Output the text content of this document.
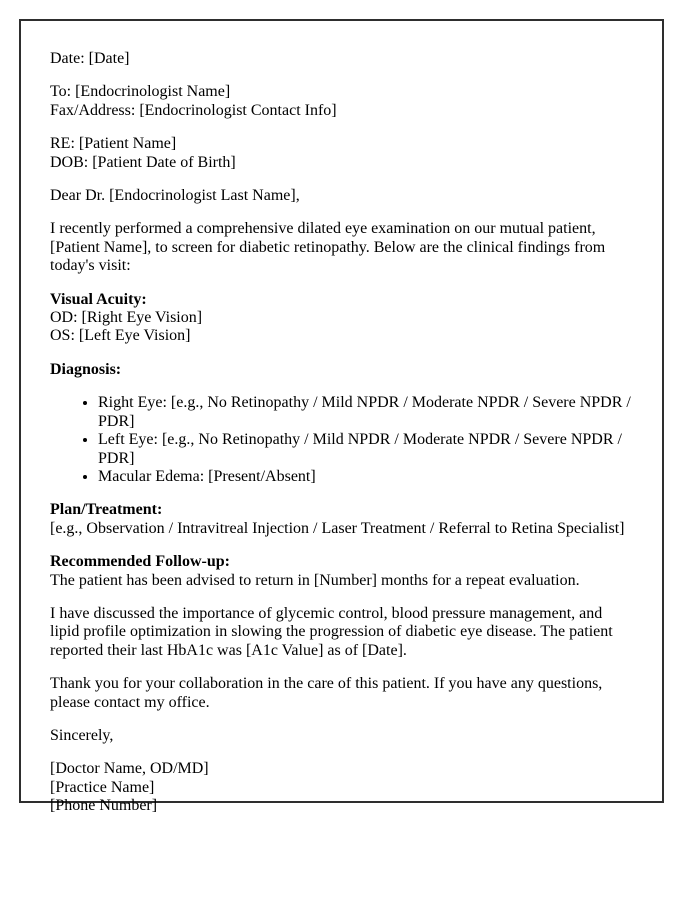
Date: [Date]

To: [Endocrinologist Name]
Fax/Address: [Endocrinologist Contact Info]

RE: [Patient Name]
DOB: [Patient Date of Birth]

Dear Dr. [Endocrinologist Last Name],

I recently performed a comprehensive dilated eye examination on our mutual patient, [Patient Name], to screen for diabetic retinopathy. Below are the clinical findings from today's visit:

Visual Acuity:
OD: [Right Eye Vision]
OS: [Left Eye Vision]

Diagnosis:

• Right Eye: [e.g., No Retinopathy / Mild NPDR / Moderate NPDR / Severe NPDR / PDR]
• Left Eye: [e.g., No Retinopathy / Mild NPDR / Moderate NPDR / Severe NPDR / PDR]
• Macular Edema: [Present/Absent]

Plan/Treatment:
[e.g., Observation / Intravitreal Injection / Laser Treatment / Referral to Retina Specialist]

Recommended Follow-up:
The patient has been advised to return in [Number] months for a repeat evaluation.

I have discussed the importance of glycemic control, blood pressure management, and lipid profile optimization in slowing the progression of diabetic eye disease. The patient reported their last HbA1c was [A1c Value] as of [Date].

Thank you for your collaboration in the care of this patient. If you have any questions, please contact my office.

Sincerely,

[Doctor Name, OD/MD]
[Practice Name]
[Phone Number]
